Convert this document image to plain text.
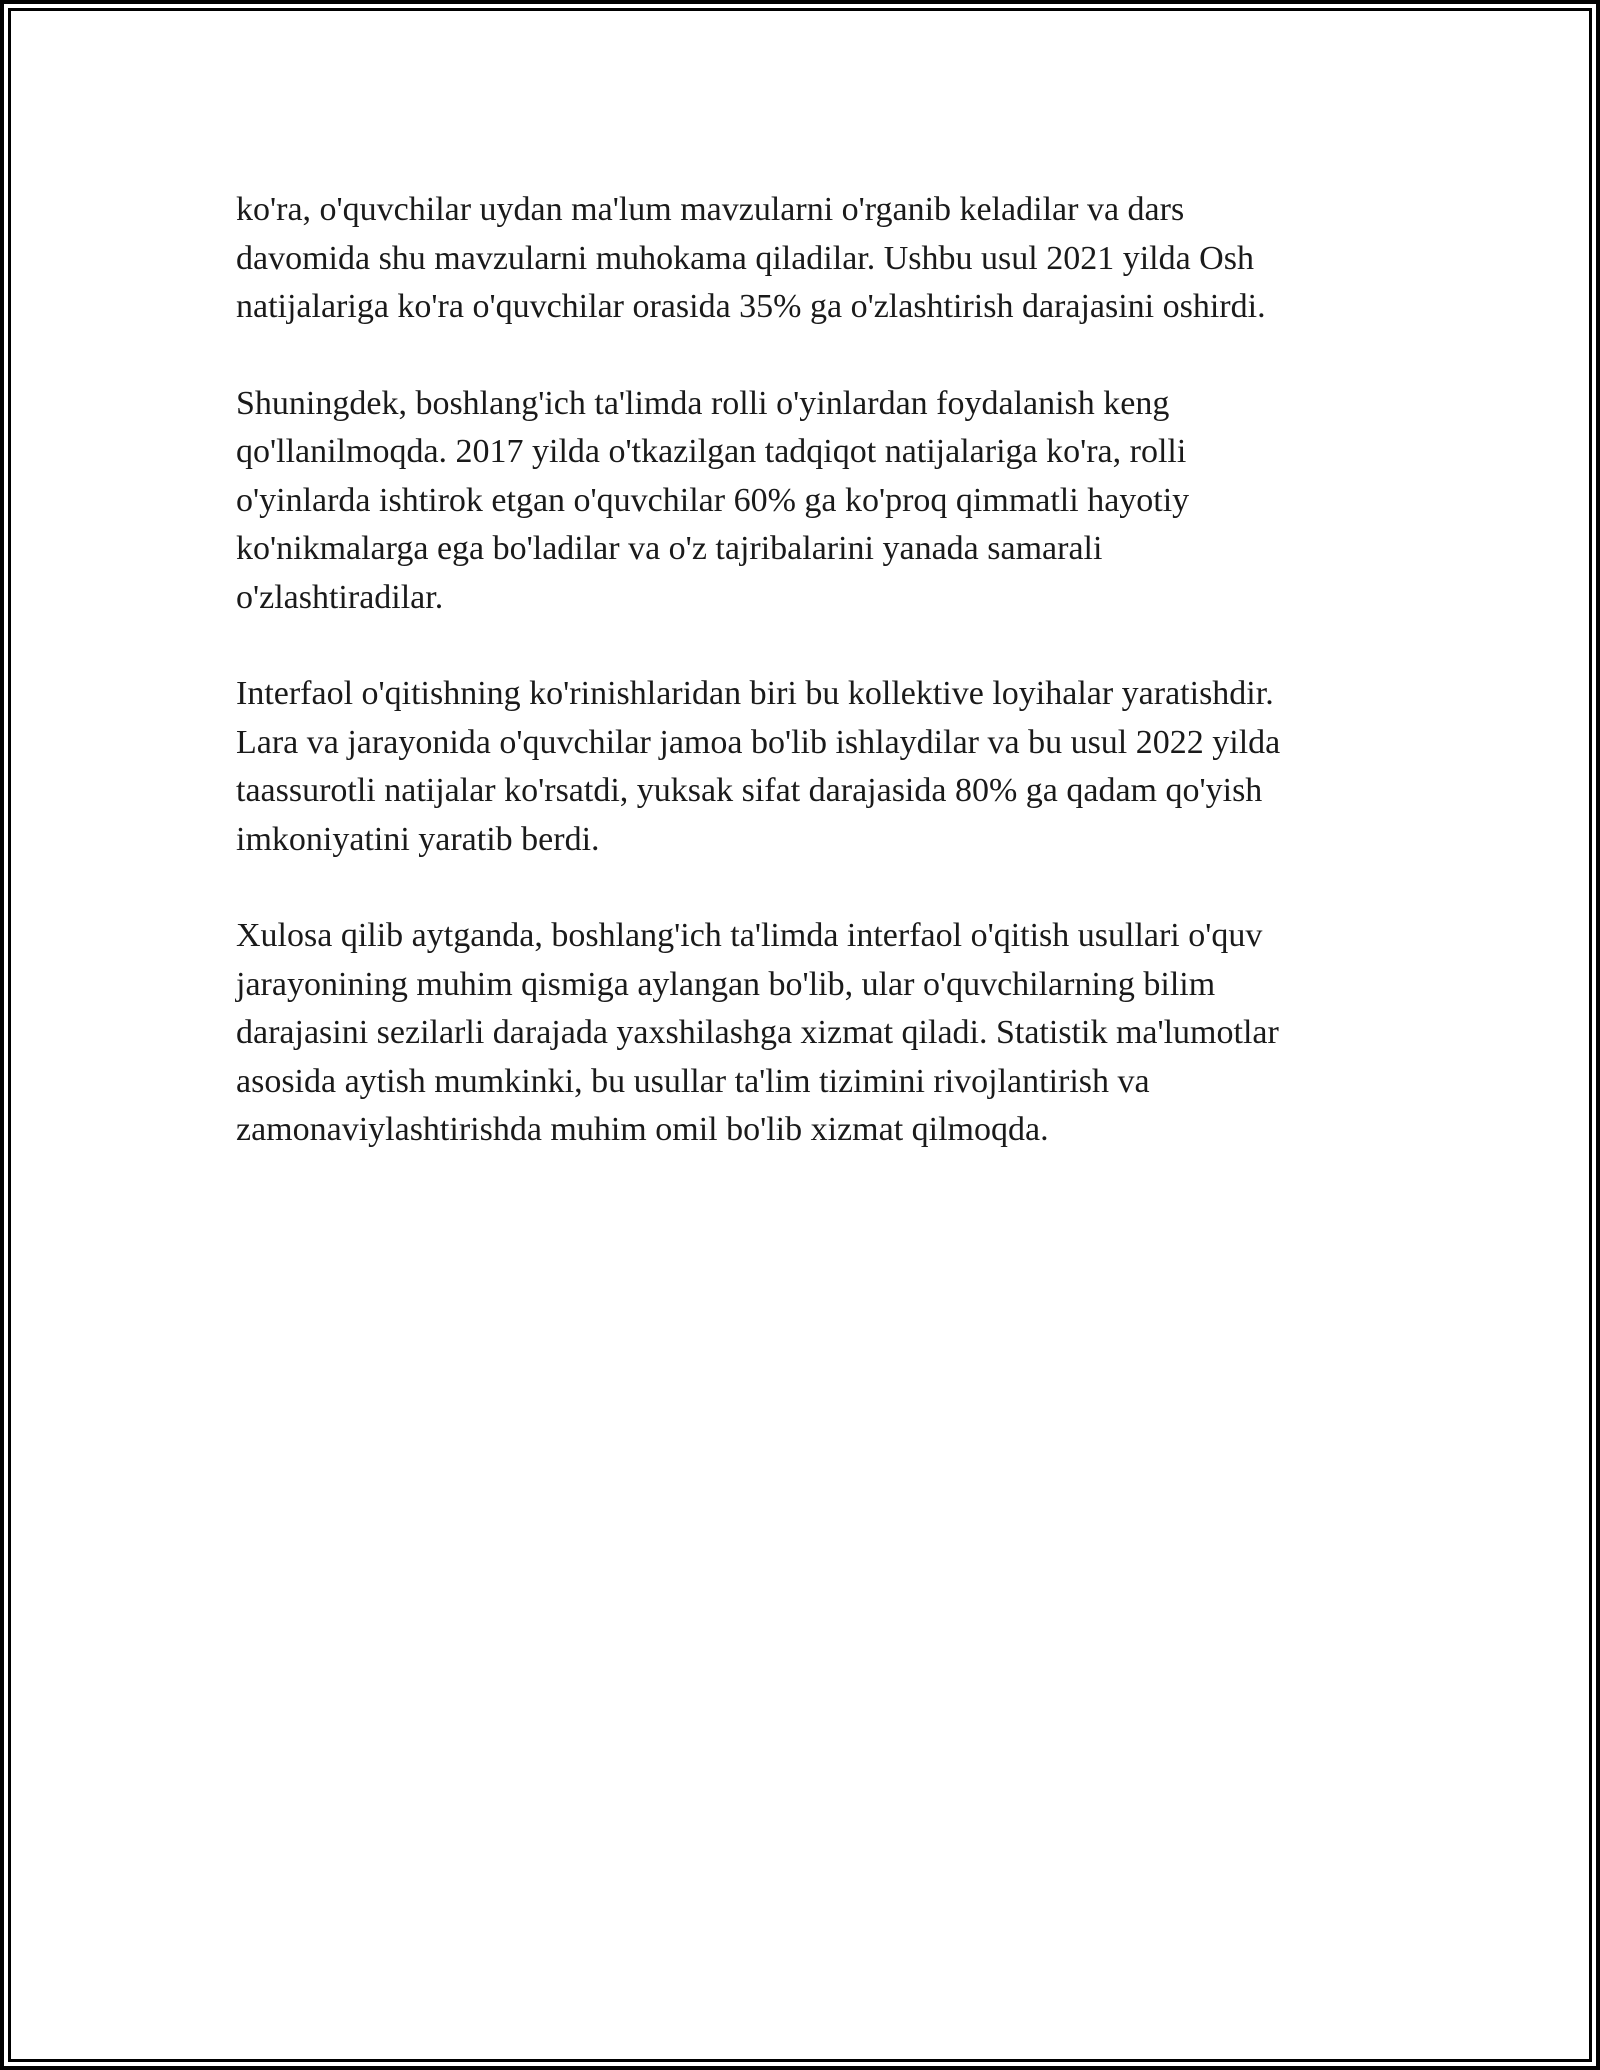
ko'ra, o'quvchilar uydan ma'lum mavzularni o'rganib keladilar va dars
davomida shu mavzularni muhokama qiladilar. Ushbu usul 2021 yilda Osh
natijalariga ko'ra o'quvchilar orasida 35% ga o'zlashtirish darajasini oshirdi.

Shuningdek, boshlang'ich ta'limda rolli o'yinlardan foydalanish keng
qo'llanilmoqda. 2017 yilda o'tkazilgan tadqiqot natijalariga ko'ra, rolli
o'yinlarda ishtirok etgan o'quvchilar 60% ga ko'proq qimmatli hayotiy
ko'nikmalarga ega bo'ladilar va o'z tajribalarini yanada samarali
o'zlashtiradilar.

Interfaol o'qitishning ko'rinishlaridan biri bu kollektive loyihalar yaratishdir.
Lara va jarayonida o'quvchilar jamoa bo'lib ishlaydilar va bu usul 2022 yilda
taassurotli natijalar ko'rsatdi, yuksak sifat darajasida 80% ga qadam qo'yish
imkoniyatini yaratib berdi.

Xulosa qilib aytganda, boshlang'ich ta'limda interfaol o'qitish usullari o'quv
jarayonining muhim qismiga aylangan bo'lib, ular o'quvchilarning bilim
darajasini sezilarli darajada yaxshilashga xizmat qiladi. Statistik ma'lumotlar
asosida aytish mumkinki, bu usullar ta'lim tizimini rivojlantirish va
zamonaviylashtirishda muhim omil bo'lib xizmat qilmoqda.
